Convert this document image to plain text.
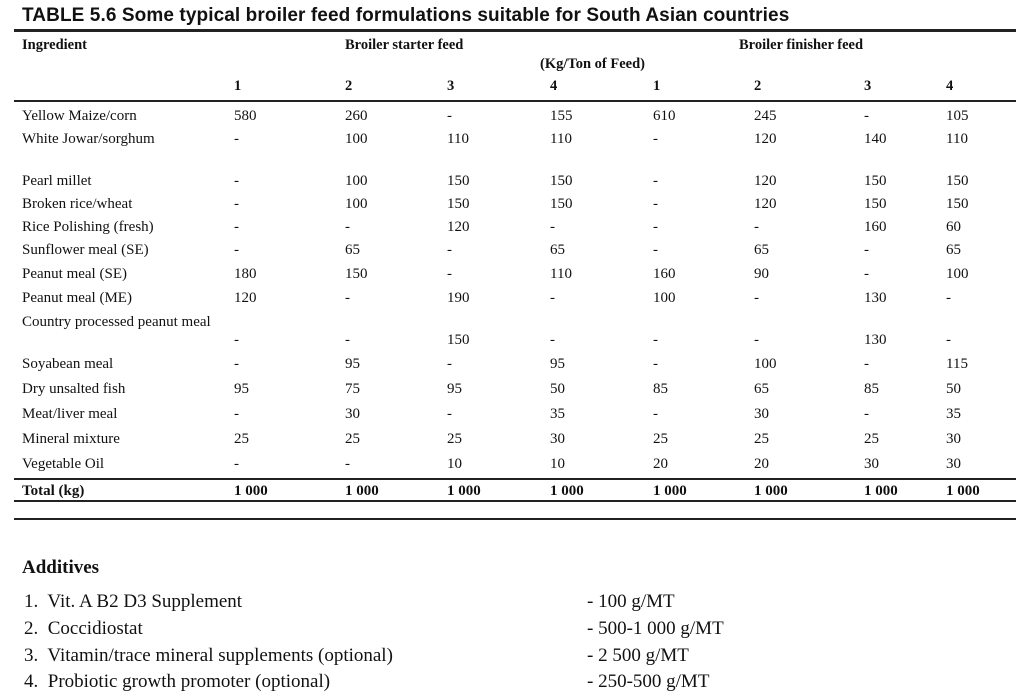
TABLE 5.6 Some typical broiler feed formulations suitable for South Asian countries
Ingredient	Broiler starter feed	Broiler finisher feed
(Kg/Ton of Feed)
1	2	3	4	1	2	3	4
Yellow Maize/corn	580	260	-	155	610	245	-	105
White Jowar/sorghum	-	100	110	110	-	120	140	110
Pearl millet	-	100	150	150	-	120	150	150
Broken rice/wheat	-	100	150	150	-	120	150	150
Rice Polishing (fresh)	-	-	120	-	-	-	160	60
Sunflower meal (SE)	-	65	-	65	-	65	-	65
Peanut meal (SE)	180	150	-	110	160	90	-	100
Peanut meal (ME)	120	-	190	-	100	-	130	-
Country processed peanut meal
-	-	150	-	-	-	130	-
Soyabean meal	-	95	-	95	-	100	-	115
Dry unsalted fish	95	75	95	50	85	65	85	50
Meat/liver meal	-	30	-	35	-	30	-	35
Mineral mixture	25	25	25	30	25	25	25	30
Vegetable Oil	-	-	10	10	20	20	30	30
Total (kg)	1 000	1 000	1 000	1 000	1 000	1 000	1 000	1 000
Additives
1.  Vit. A B2 D3 Supplement	- 100 g/MT
2.  Coccidiostat	- 500-1 000 g/MT
3.  Vitamin/trace mineral supplements (optional)	- 2 500 g/MT
4.  Probiotic growth promoter (optional)	- 250-500 g/MT
